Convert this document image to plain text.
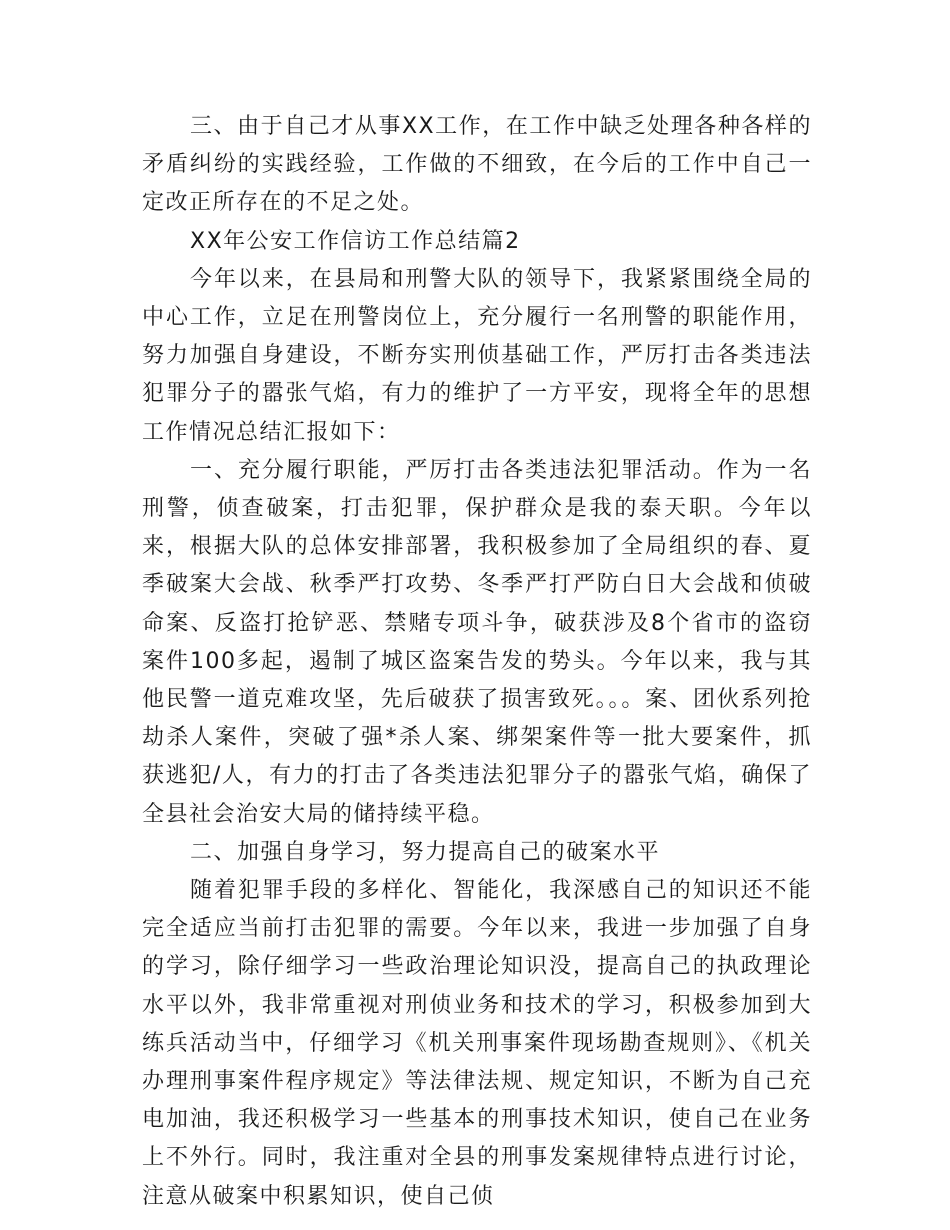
三、由于自己才从事XX工作，在工作中缺乏处理各种各样的矛盾纠纷的实践经验，工作做的不细致，在今后的工作中自己一定改正所存在的不足之处。

XX年公安工作信访工作总结篇2

今年以来，在县局和刑警大队的领导下，我紧紧围绕全局的中心工作，立足在刑警岗位上，充分履行一名刑警的职能作用，努力加强自身建设，不断夯实刑侦基础工作，严厉打击各类违法犯罪分子的嚣张气焰，有力的维护了一方平安，现将全年的思想工作情况总结汇报如下：

一、充分履行职能，严厉打击各类违法犯罪活动。作为一名刑警，侦查破案，打击犯罪，保护群众是我的泰天职。今年以来，根据大队的总体安排部署，我积极参加了全局组织的春、夏季破案大会战、秋季严打攻势、冬季严打严防白日大会战和侦破命案、反盗打抢铲恶、禁赌专项斗争，破获涉及8个省市的盗窃案件100多起，遏制了城区盗案告发的势头。今年以来，我与其他民警一道克难攻坚，先后破获了损害致死。。。案、团伙系列抢劫杀人案件，突破了强*杀人案、绑架案件等一批大要案件，抓获逃犯/人，有力的打击了各类违法犯罪分子的嚣张气焰，确保了全县社会治安大局的储持续平稳。

二、加强自身学习，努力提高自己的破案水平

随着犯罪手段的多样化、智能化，我深感自己的知识还不能完全适应当前打击犯罪的需要。今年以来，我进一步加强了自身的学习，除仔细学习一些政治理论知识没，提高自己的执政理论水平以外，我非常重视对刑侦业务和技术的学习，积极参加到大练兵活动当中，仔细学习《机关刑事案件现场勘查规则》、《机关办理刑事案件程序规定》等法律法规、规定知识，不断为自己充电加油，我还积极学习一些基本的刑事技术知识，使自己在业务上不外行。同时，我注重对全县的刑事发案规律特点进行讨论，注意从破案中积累知识，使自己侦
